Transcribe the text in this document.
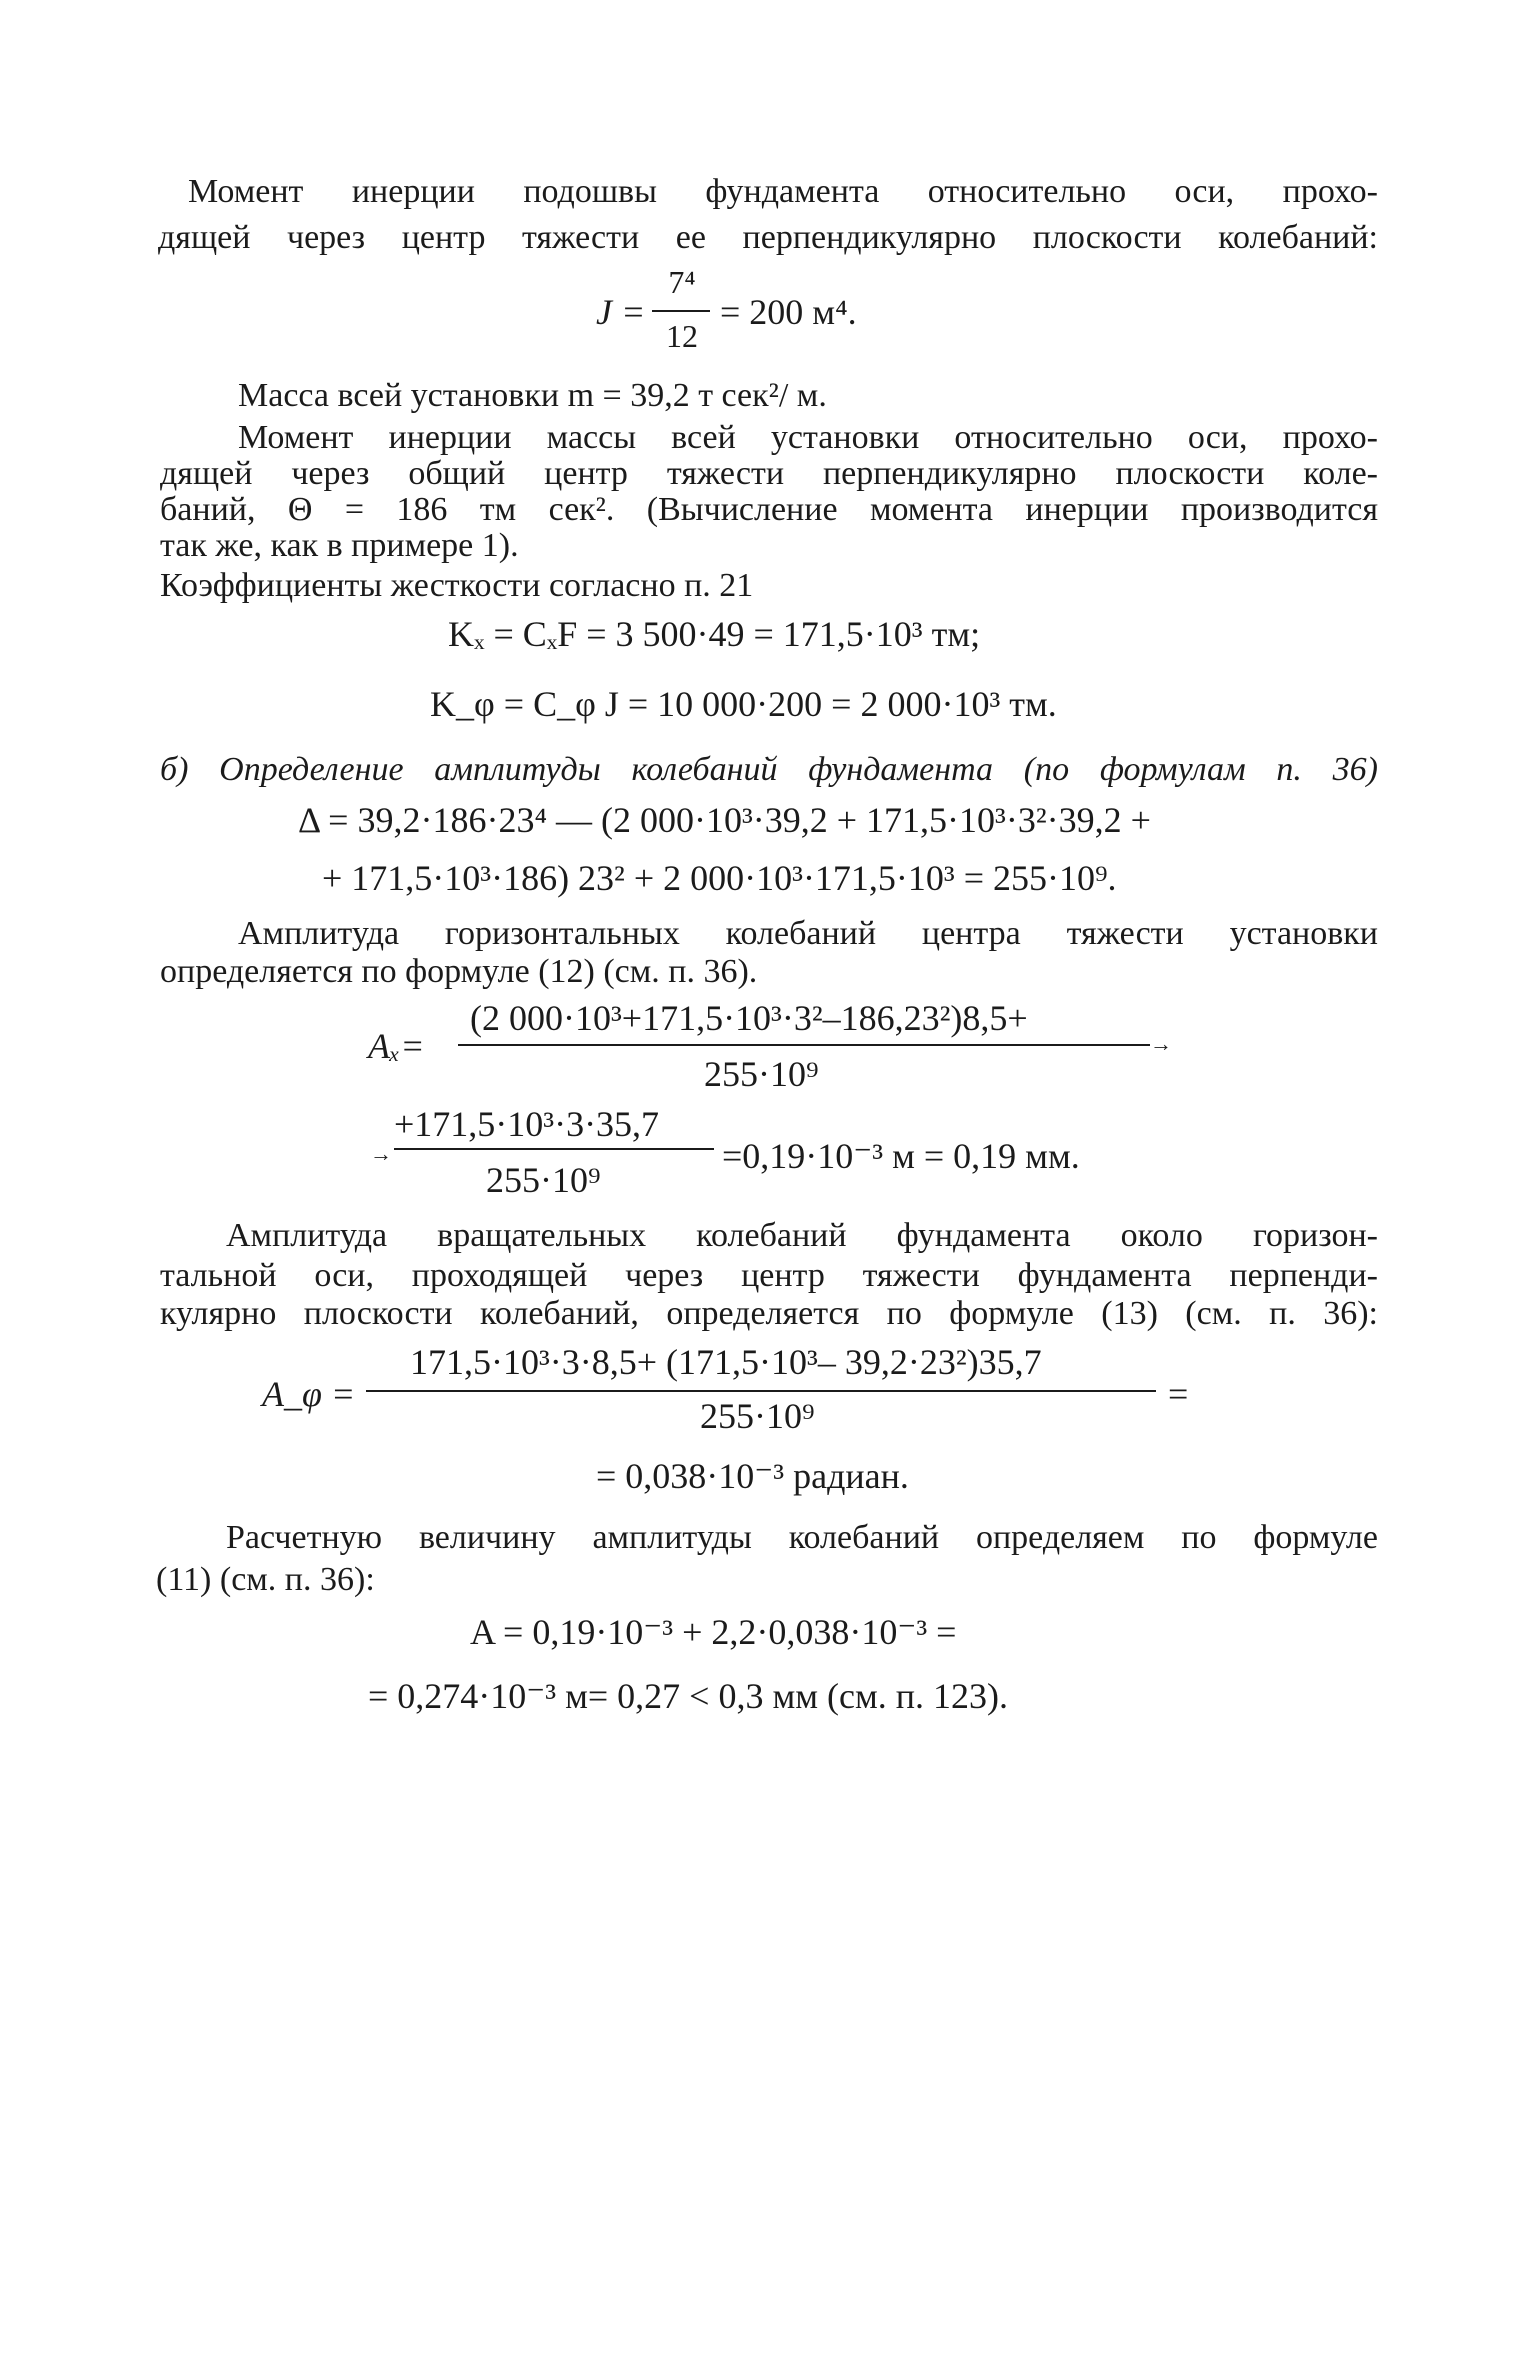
Момент инерции подошвы фундамента относительно оси, прохо-
дящей через центр тяжести ее перпендикулярно плоскости колебаний:
J =
7⁴
12
= 200 м⁴.
Масса всей установки m = 39,2 т сек²/ м.
Момент инерции массы всей установки относительно оси, прохо-
дящей через общий центр тяжести перпендикулярно плоскости коле-
баний, Θ = 186 тм сек². (Вычисление момента инерции производится
так же, как в примере 1).
Коэффициенты жесткости согласно п. 21
Kₓ = CₓF = 3 500·49 = 171,5·10³ тм;
K_φ = C_φ J = 10 000·200 = 2 000·10³ тм.
б) Определение амплитуды колебаний фундамента (по формулам п. 36)
Δ = 39,2·186·23⁴ — (2 000·10³·39,2 + 171,5·10³·3²·39,2 +
+ 171,5·10³·186) 23² + 2 000·10³·171,5·10³ = 255·10⁹.
Амплитуда горизонтальных колебаний центра тяжести установки
определяется по формуле (12) (см. п. 36).
Aₓ=
(2 000·10³+171,5·10³·3²–186,23²)8,5+
→
255·10⁹
→
+171,5·10³·3·35,7
255·10⁹
=0,19·10⁻³ м = 0,19 мм.
Амплитуда вращательных колебаний фундамента около горизон-
тальной оси, проходящей через центр тяжести фундамента перпенди-
кулярно плоскости колебаний, определяется по формуле (13) (см. п. 36):
A_φ =
171,5·10³·3·8,5+ (171,5·10³– 39,2·23²)35,7
=
255·10⁹
= 0,038·10⁻³ радиан.
Расчетную величину амплитуды колебаний определяем по формуле
(11) (см. п. 36):
A = 0,19·10⁻³ + 2,2·0,038·10⁻³ =
= 0,274·10⁻³ м= 0,27 < 0,3 мм (см. п. 123).
